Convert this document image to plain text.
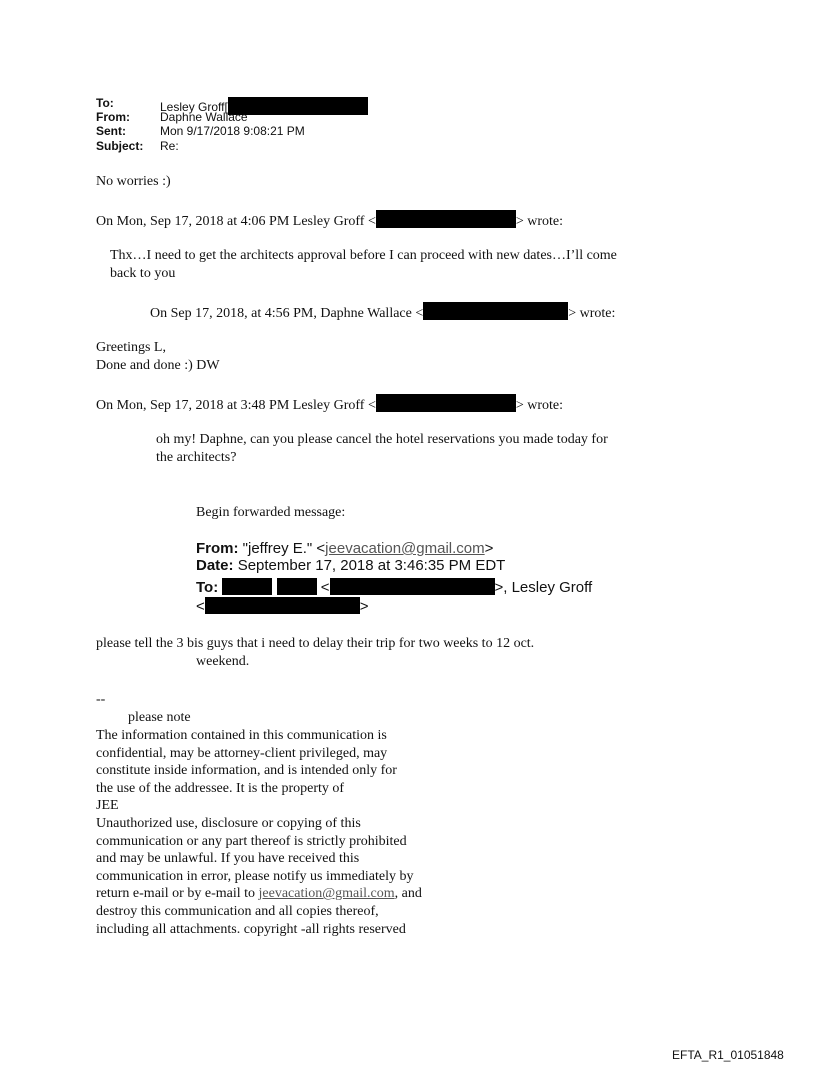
To:	Lesley Groff[
From:	Daphne Wallace
Sent:	Mon 9/17/2018 9:08:21 PM
Subject: Re:
No worries :)
On Mon, Sep 17, 2018 at 4:06 PM Lesley Groff <	> wrote:
Thx…I need to get the architects approval before I can proceed with new dates…I’ll come
back to you
On Sep 17, 2018, at 4:56 PM, Daphne Wallace <	> wrote:
Greetings L,
Done and done :) DW
On Mon, Sep 17, 2018 at 3:48 PM Lesley Groff <	> wrote:
oh my! Daphne, can you please cancel the hotel reservations you made today for
the architects?
Begin forwarded message:
From: "jeffrey E." <jeevacation@gmail.com>
Date: September 17, 2018 at 3:46:35 PM EDT
To:	<	>, Lesley Groff
<	>
please tell the 3 bis guys that i need to delay their trip for two weeks to 12 oct.
weekend.
--
please note
The information contained in this communication is
confidential, may be attorney-client privileged, may
constitute inside information, and is intended only for
the use of the addressee. It is the property of
JEE
Unauthorized use, disclosure or copying of this
communication or any part thereof is strictly prohibited
and may be unlawful. If you have received this
communication in error, please notify us immediately by
return e-mail or by e-mail to jeevacation@gmail.com, and
destroy this communication and all copies thereof,
including all attachments. copyright -all rights reserved
EFTA_R1_01051848
